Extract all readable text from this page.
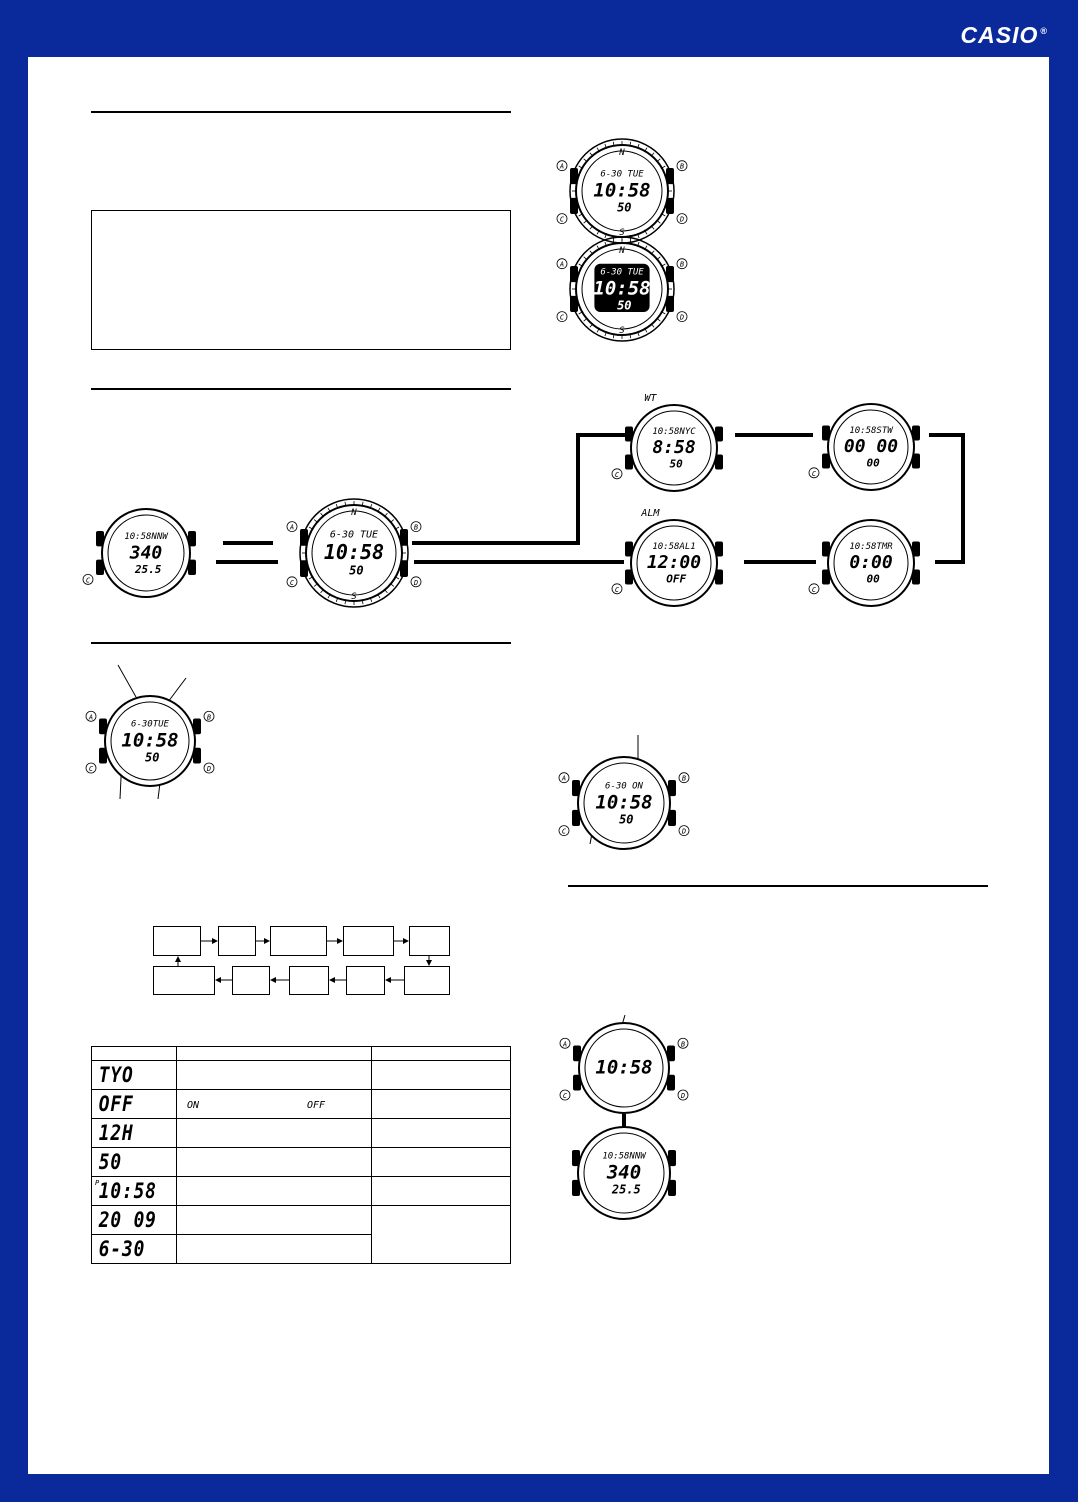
CASIO ®

TYO		
OFF	ON OFF	

12H		
50		

P 10:58		
20 09		
6-30		
N
S
6-30 TUE
10:58
50
A	B
C	D
N
S
6-30 TUE
10:58
50
A	B
C	D
10:58NNW
340
25.5
C
N
S
6-30 TUE
10:58
50
A	B
C	D
10:58NYC
8:58
50
C
WT
10:58STW
00 00
00
C
10:58AL1
12:00
OFF
C
ALM
10:58TMR
0:00
00
C
6-30TUE
10:58
50
A	B
C	D
6-30 ON
10:58
50
A	B
C	D
10:58
A	B
C	D
10:58NNW
340
25.5
